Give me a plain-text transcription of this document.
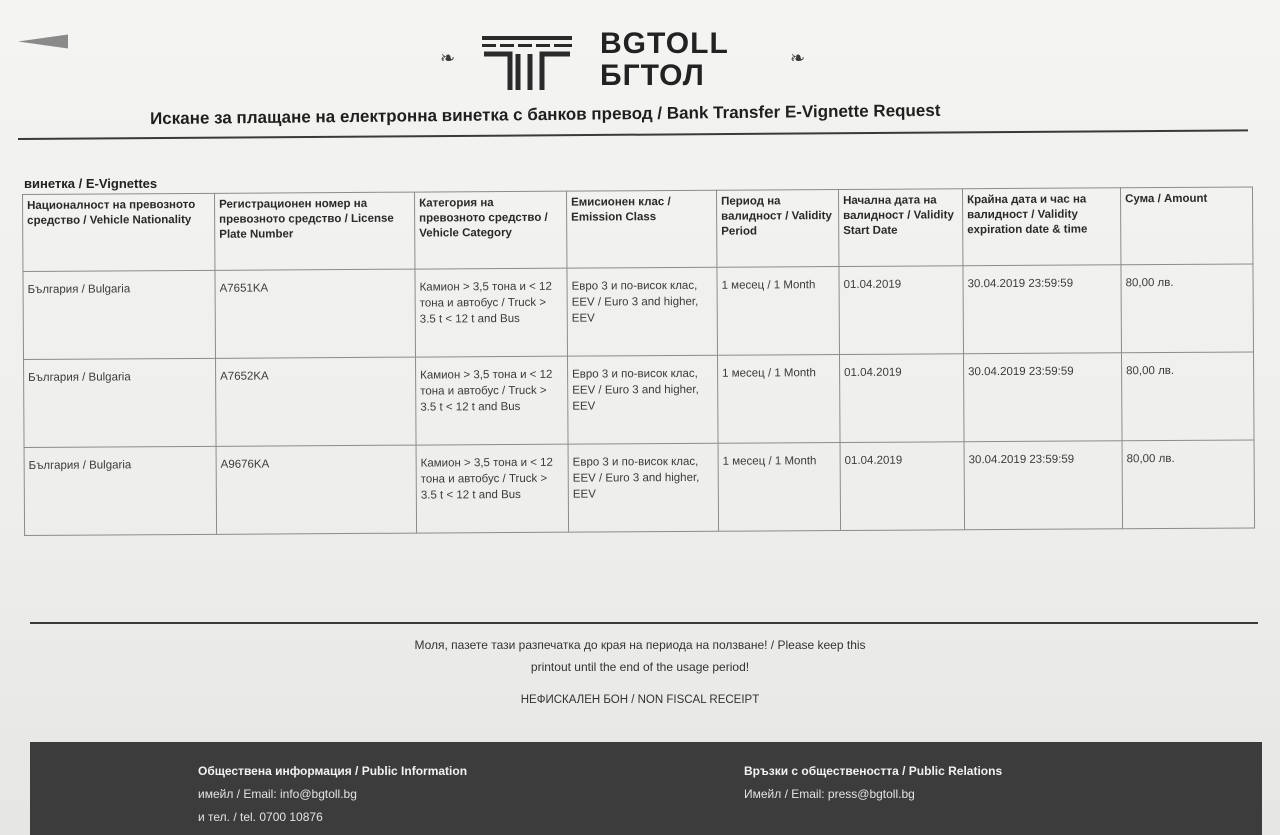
❧	BGTOLL
БГТОЛ
❧
Искане за плащане на електронна винетка с банков превод / Bank Transfer E-Vignette Request
винетка / E-Vignettes
Националност на превозното средство / Vehicle Nationality	Регистрационен номер на превозното средство / License Plate Number	Категория на превозното средство / Vehicle Category	Емисионен клас / Emission Class	Период на валидност / Validity Period	Начална дата на валидност / Validity Start Date	Крайна дата и час на валидност / Validity expiration date & time	Сума / Amount
България / Bulgaria	A7651KA	Камион > 3,5 тона и < 12 тона и автобус / Truck > 3.5 t < 12 t and Bus	Евро 3 и по-висок клас, EEV / Euro 3 and higher, EEV	1 месец / 1 Month	01.04.2019	30.04.2019 23:59:59	80,00 лв.
България / Bulgaria	A7652KA	Камион > 3,5 тона и < 12 тона и автобус / Truck > 3.5 t < 12 t and Bus	Евро 3 и по-висок клас, EEV / Euro 3 and higher, EEV	1 месец / 1 Month	01.04.2019	30.04.2019 23:59:59	80,00 лв.
България / Bulgaria	A9676KA	Камион > 3,5 тона и < 12 тона и автобус / Truck > 3.5 t < 12 t and Bus	Евро 3 и по-висок клас, EEV / Euro 3 and higher, EEV	1 месец / 1 Month	01.04.2019	30.04.2019 23:59:59	80,00 лв.
Моля, пазете тази разпечатка до края на периода на ползване! / Please keep this
printout until the end of the usage period!
НЕФИСКАЛЕН БОН / NON FISCAL RECEIPT
Обществена информация / Public Information
имейл / Email: info@bgtoll.bg
и тел. / tel. 0700 10876
Връзки с обществеността / Public Relations
Имейл / Email: press@bgtoll.bg
